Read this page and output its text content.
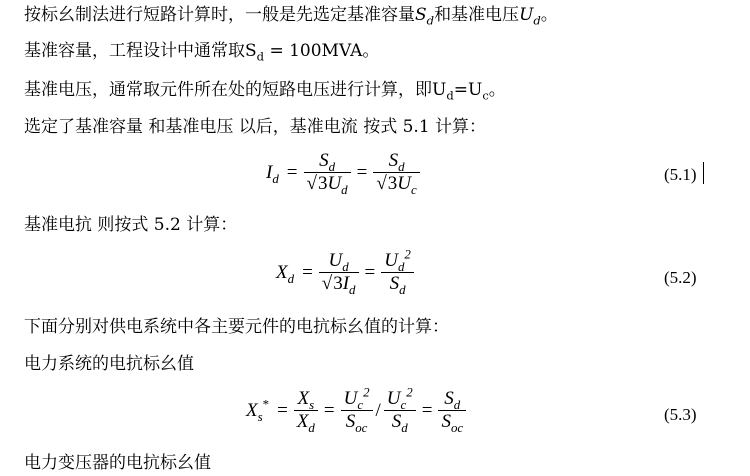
按标幺制法进行短路计算时，一般是先选定基准容量$S_d$和基准电压$U_d$。
基准容量，工程设计中通常取$S_d = 100MVA$。
基准电压，通常取元件所在处的短路电压进行计算，即$U_d=U_c$。
选定了基准容量 和基准电压 以后，基准电流 按式 5.1 计算：
$I_d = \frac{S_d}{√3U_d} = \frac{S_d}{√3U_c}$	(5.1)
基准电抗 则按式 5.2 计算：
$X_d = \frac{U_d}{√3I_d} = \frac{U_d^2}{S_d}$	(5.2)
下面分别对供电系统中各主要元件的电抗标幺值的计算：
电力系统的电抗标幺值
$X_s^* = \frac{X_s}{X_d} = \frac{U_c^2}{S_{oc}} / \frac{U_c^2}{S_d} = \frac{S_d}{S_{oc}}$	(5.3)
电力变压器的电抗标幺值
